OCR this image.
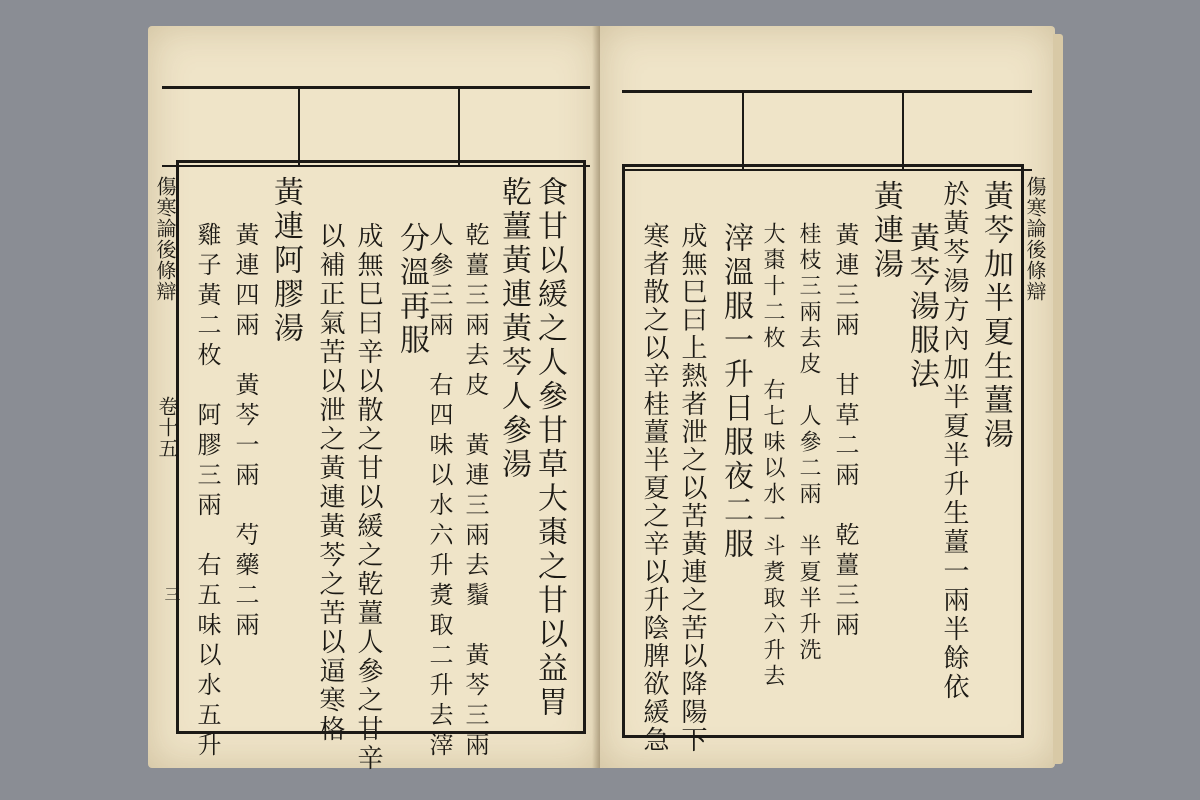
傷寒論後條辯
卷十五
三	食甘以緩之人參甘草大棗之甘以益胃
乾薑黃連黃芩人參湯
乾薑三兩去皮　黃連三兩去鬚　黃芩三兩
人參三兩　右四味以水六升煑取二升去滓
分溫再服
成無巳曰辛以散之甘以緩之乾薑人參之甘辛
以補正氣苦以泄之黃連黃芩之苦以逼寒格
黃連阿膠湯
黃連四兩　黃芩一兩　芍藥二兩
雞子黃二枚　阿膠三兩　右五味以水五升	傷寒論後條辯
黃芩加半夏生薑湯
於黃芩湯方內加半夏半升生薑一兩半餘依
黃芩湯服法
黃連湯
黃連三兩　甘草二兩　乾薑三兩
桂枝三兩去皮　人參二兩　半夏半升洗
大棗十二枚　右七味以水一斗煑取六升去
滓溫服一升日服夜二服
成無巳曰上熱者泄之以苦黃連之苦以降陽下
寒者散之以辛桂薑半夏之辛以升陰脾欲緩急
